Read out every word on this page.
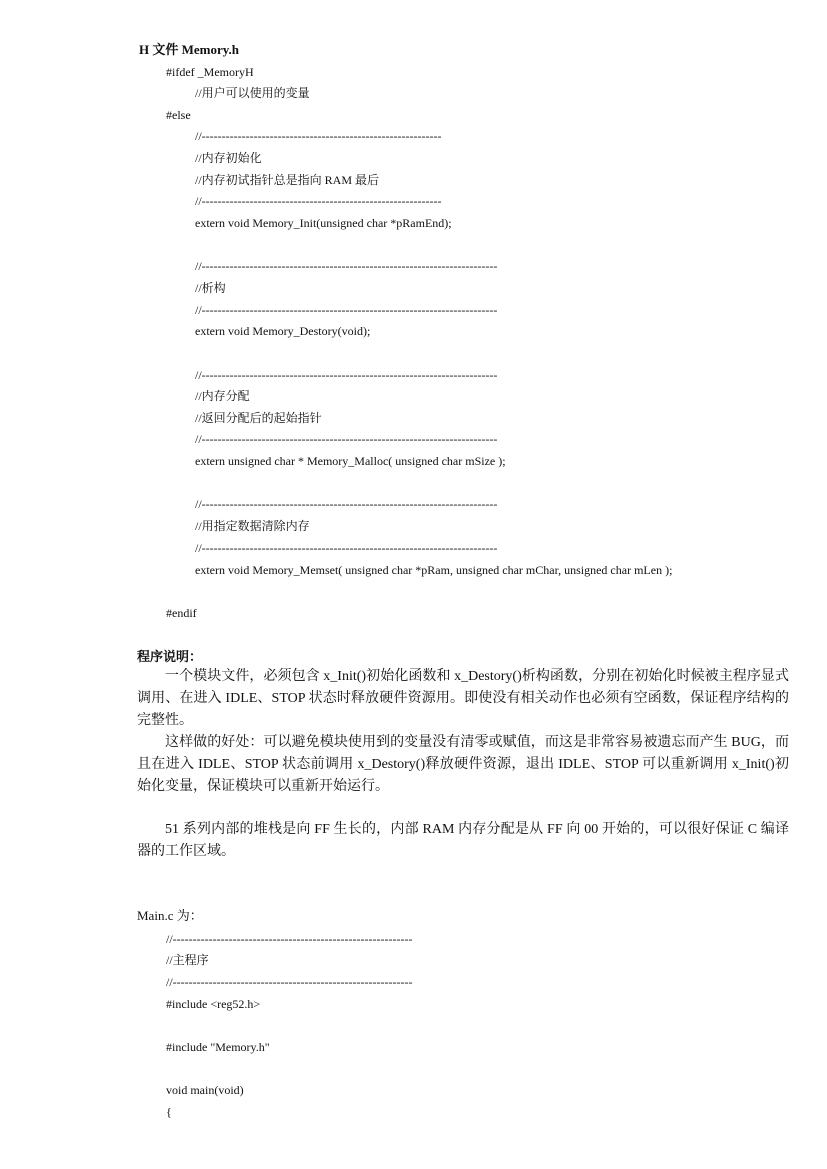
H 文件 Memory.h
#ifdef _MemoryH
//用户可以使用的变量
#else
//------------------------------------------------------------
//内存初始化
//内存初试指针总是指向 RAM 最后
//------------------------------------------------------------
extern void Memory_Init(unsigned char *pRamEnd);
//--------------------------------------------------------------------------
//析构
//--------------------------------------------------------------------------
extern void Memory_Destory(void);
//--------------------------------------------------------------------------
//内存分配
//返回分配后的起始指针
//--------------------------------------------------------------------------
extern unsigned char * Memory_Malloc( unsigned char mSize );
//--------------------------------------------------------------------------
//用指定数据清除内存
//--------------------------------------------------------------------------
extern void Memory_Memset( unsigned char *pRam, unsigned char mChar, unsigned char mLen );
#endif
程序说明：

一个模块文件，必须包含 x_Init()初始化函数和 x_Destory()析构函数，分别在初始化时候被主程序显式调用、在进入 IDLE、STOP 状态时释放硬件资源用。即使没有相关动作也必须有空函数，保证程序结构的完整性。

这样做的好处：可以避免模块使用到的变量没有清零或赋值，而这是非常容易被遗忘而产生 BUG，而且在进入 IDLE、STOP 状态前调用 x_Destory()释放硬件资源，退出 IDLE、STOP 可以重新调用 x_Init()初始化变量，保证模块可以重新开始运行。

51 系列内部的堆栈是向 FF 生长的，内部 RAM 内存分配是从 FF 向 00 开始的，可以很好保证 C 编译器的工作区域。

Main.c 为：
//------------------------------------------------------------
//主程序
//------------------------------------------------------------
#include <reg52.h>
#include "Memory.h"
void main(void)
{
